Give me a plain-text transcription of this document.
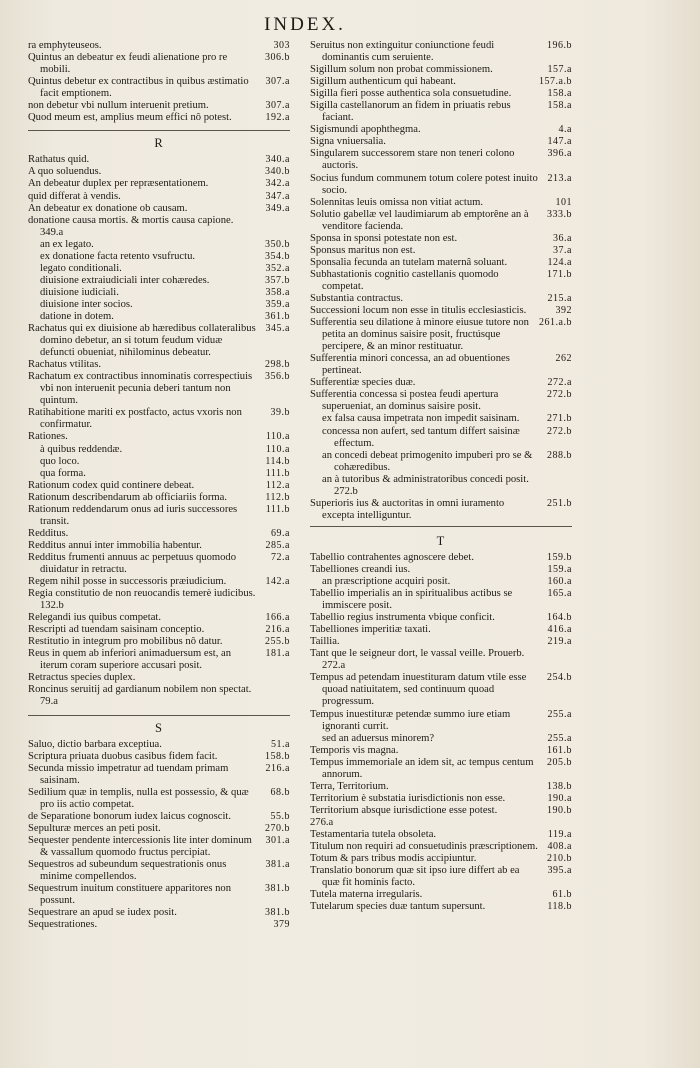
INDEX.
ra emphyteuseos.	303
Quintus an debeatur ex feudi alienatione pro re mobili.
306.b
Quintus debetur ex contractibus in quibus æstimatio facit emptionem.
307.a
non debetur vbi nullum interuenit pretium.	307.a
Quod meum est, amplius meum effici nô potest.	192.a
R
Rathatus quid.	340.a
A quo soluendus.	340.b
An debeatur duplex per repræsentationem.	342.a
quid differat à vendis.	347.a
An debeatur ex donatione ob causam.	349.a
donatione causa mortis. & mortis causa capione. 349.a
an ex legato.	350.b
ex donatione facta retento vsufructu.	354.b
legato conditionali.	352.a
diuisione extraiudiciali inter cohæredes.	357.b
diuisione iudiciali.	358.a
diuisione inter socios.	359.a
datione in dotem.	361.b
Rachatus qui ex diuisione ab hæredibus collateralibus domino debetur, an si totum feudum viduæ defuncti obueniat, nihilominus debeatur.
345.a
Rachatus vtilitas.	298.b
Rachatum ex contractibus innominatis correspectiuis vbi non interuenit pecunia deberi tantum non quintum.
356.b
Ratihabitione mariti ex postfacto, actus vxoris non confirmatur.
39.b
Rationes.	110.a
à quibus reddendæ.	110.a
quo loco.	114.b
qua forma.	111.b
Rationum codex quid continere debeat.	112.a
Rationum describendarum ab officiariis forma.	112.b
Rationum reddendarum onus ad iuris successores transit.
111.b
Redditus.	69.a
Redditus annui inter immobilia habentur.	285.a
Redditus frumenti annuus ac perpetuus quomodo diuidatur in retractu.
72.a
Regem nihil posse in successoris præiudicium.	142.a
Regia constitutio de non reuocandis temerè iudicibus. 132.b
Relegandi ius quibus competat.	166.a
Rescripti ad tuendam saisinam conceptio.	216.a
Restitutio in integrum pro mobilibus nô datur.	255.b
Reus in quem ab inferiori animaduersum est, an iterum coram superiore accusari posit.
181.a
Retractus species duplex.
Roncinus seruitij ad gardianum nobilem non spectat. 79.a
S
Saluo, dictio barbara exceptiua.	51.a
Scriptura priuata duobus casibus fidem facit.	158.b
Secunda missio impetratur ad tuendam primam saisinam.
216.a
Sedilium quæ in templis, nulla est possessio, & quæ pro iis actio competat.
68.b
de Separatione bonorum iudex laicus cognoscit.	55.b
Sepulturæ merces an peti posit.	270.b
Sequester pendente intercessionis lite inter dominum & vassallum quomodo fructus percipiat.
301.a
Sequestros ad subeundum sequestrationis onus minime compellendos.
381.a
Sequestrum inuitum constituere apparitores non possunt.
381.b
Sequestrare an apud se iudex posit.	381.b
Sequestrationes.	379
Seruitus non extinguitur coniunctione feudi dominantis cum seruiente.
196.b
Sigillum solum non probat commissionem.	157.a
Sigillum authenticum qui habeant.	157.a.b
Sigilla fieri posse authentica sola consuetudine.	158.a
Sigilla castellanorum an fidem in priuatis rebus faciant.
158.a
Sigismundi apophthegma.	4.a
Signa vniuersalia.	147.a
Singularem successorem stare non teneri colono auctoris.
396.a
Socius fundum communem totum colere potest inuito socio.
213.a
Solennitas leuis omissa non vitiat actum.	101
Solutio gabellæ vel laudimiarum ab emptorêne an à venditore facienda.
333.b
Sponsa in sponsi potestate non est.	36.a
Sponsus maritus non est.	37.a
Sponsalia fecunda an tutelam maternâ soluant.	124.a
Subhastationis cognitio castellanis quomodo competat.
171.b
Substantia contractus.	215.a
Successioni locum non esse in titulis ecclesiasticis.	392
Sufferentia seu dilatione à minore eiusue tutore non petita an dominus saisire posit, fructúsque percipere, & an minor restituatur.
261.a.b
Sufferentia minori concessa, an ad obuentiones pertineat.
262
Sufferentiæ species duæ.	272.a
Sufferentia concessa si postea feudi apertura superueniat, an dominus saisire posit.
272.b
ex falsa causa impetrata non impedit saisinam.	271.b
concessa non aufert, sed tantum differt saisinæ effectum.
272.b
an concedi debeat primogenito impuberi pro se & cohæredibus.
288.b
an à tutoribus & administratoribus concedi posit. 272.b
Superioris ius & auctoritas in omni iuramento excepta intelliguntur.
251.b
T
Tabellio contrahentes agnoscere debet.	159.b
Tabelliones creandi ius.	159.a
an præscriptione acquiri posit.	160.a
Tabellio imperialis an in spiritualibus actibus se immiscere posit.
165.a
Tabellio regius instrumenta vbique conficit.	164.b
Tabelliones imperitiæ taxati.	416.a
Taillia.	219.a
Tant que le seigneur dort, le vassal veille. Prouerb. 272.a
Tempus ad petendam inuestituram datum vtile esse quoad natiuitatem, sed continuum quoad progressum.
254.b
Tempus inuestituræ petendæ summo iure etiam ignoranti currit.
255.a
sed an aduersus minorem?	255.a
Temporis vis magna.	161.b
Tempus immemoriale an idem sit, ac tempus centum annorum.
205.b
Terra, Territorium.	138.b
Territorium è substatia iurisdictionis non esse.	190.a
Territorium absque iurisdictione esse potest.	190.b
276.a
Testamentaria tutela obsoleta.	119.a
Titulum non requiri ad consuetudinis præscriptionem. 408.a
Totum & pars tribus modis accipiuntur.	210.b
Translatio bonorum quæ sit ipso iure differt ab ea quæ fit hominis facto.
395.a
Tutela materna irregularis.	61.b
Tutelarum species duæ tantum supersunt.	118.b
